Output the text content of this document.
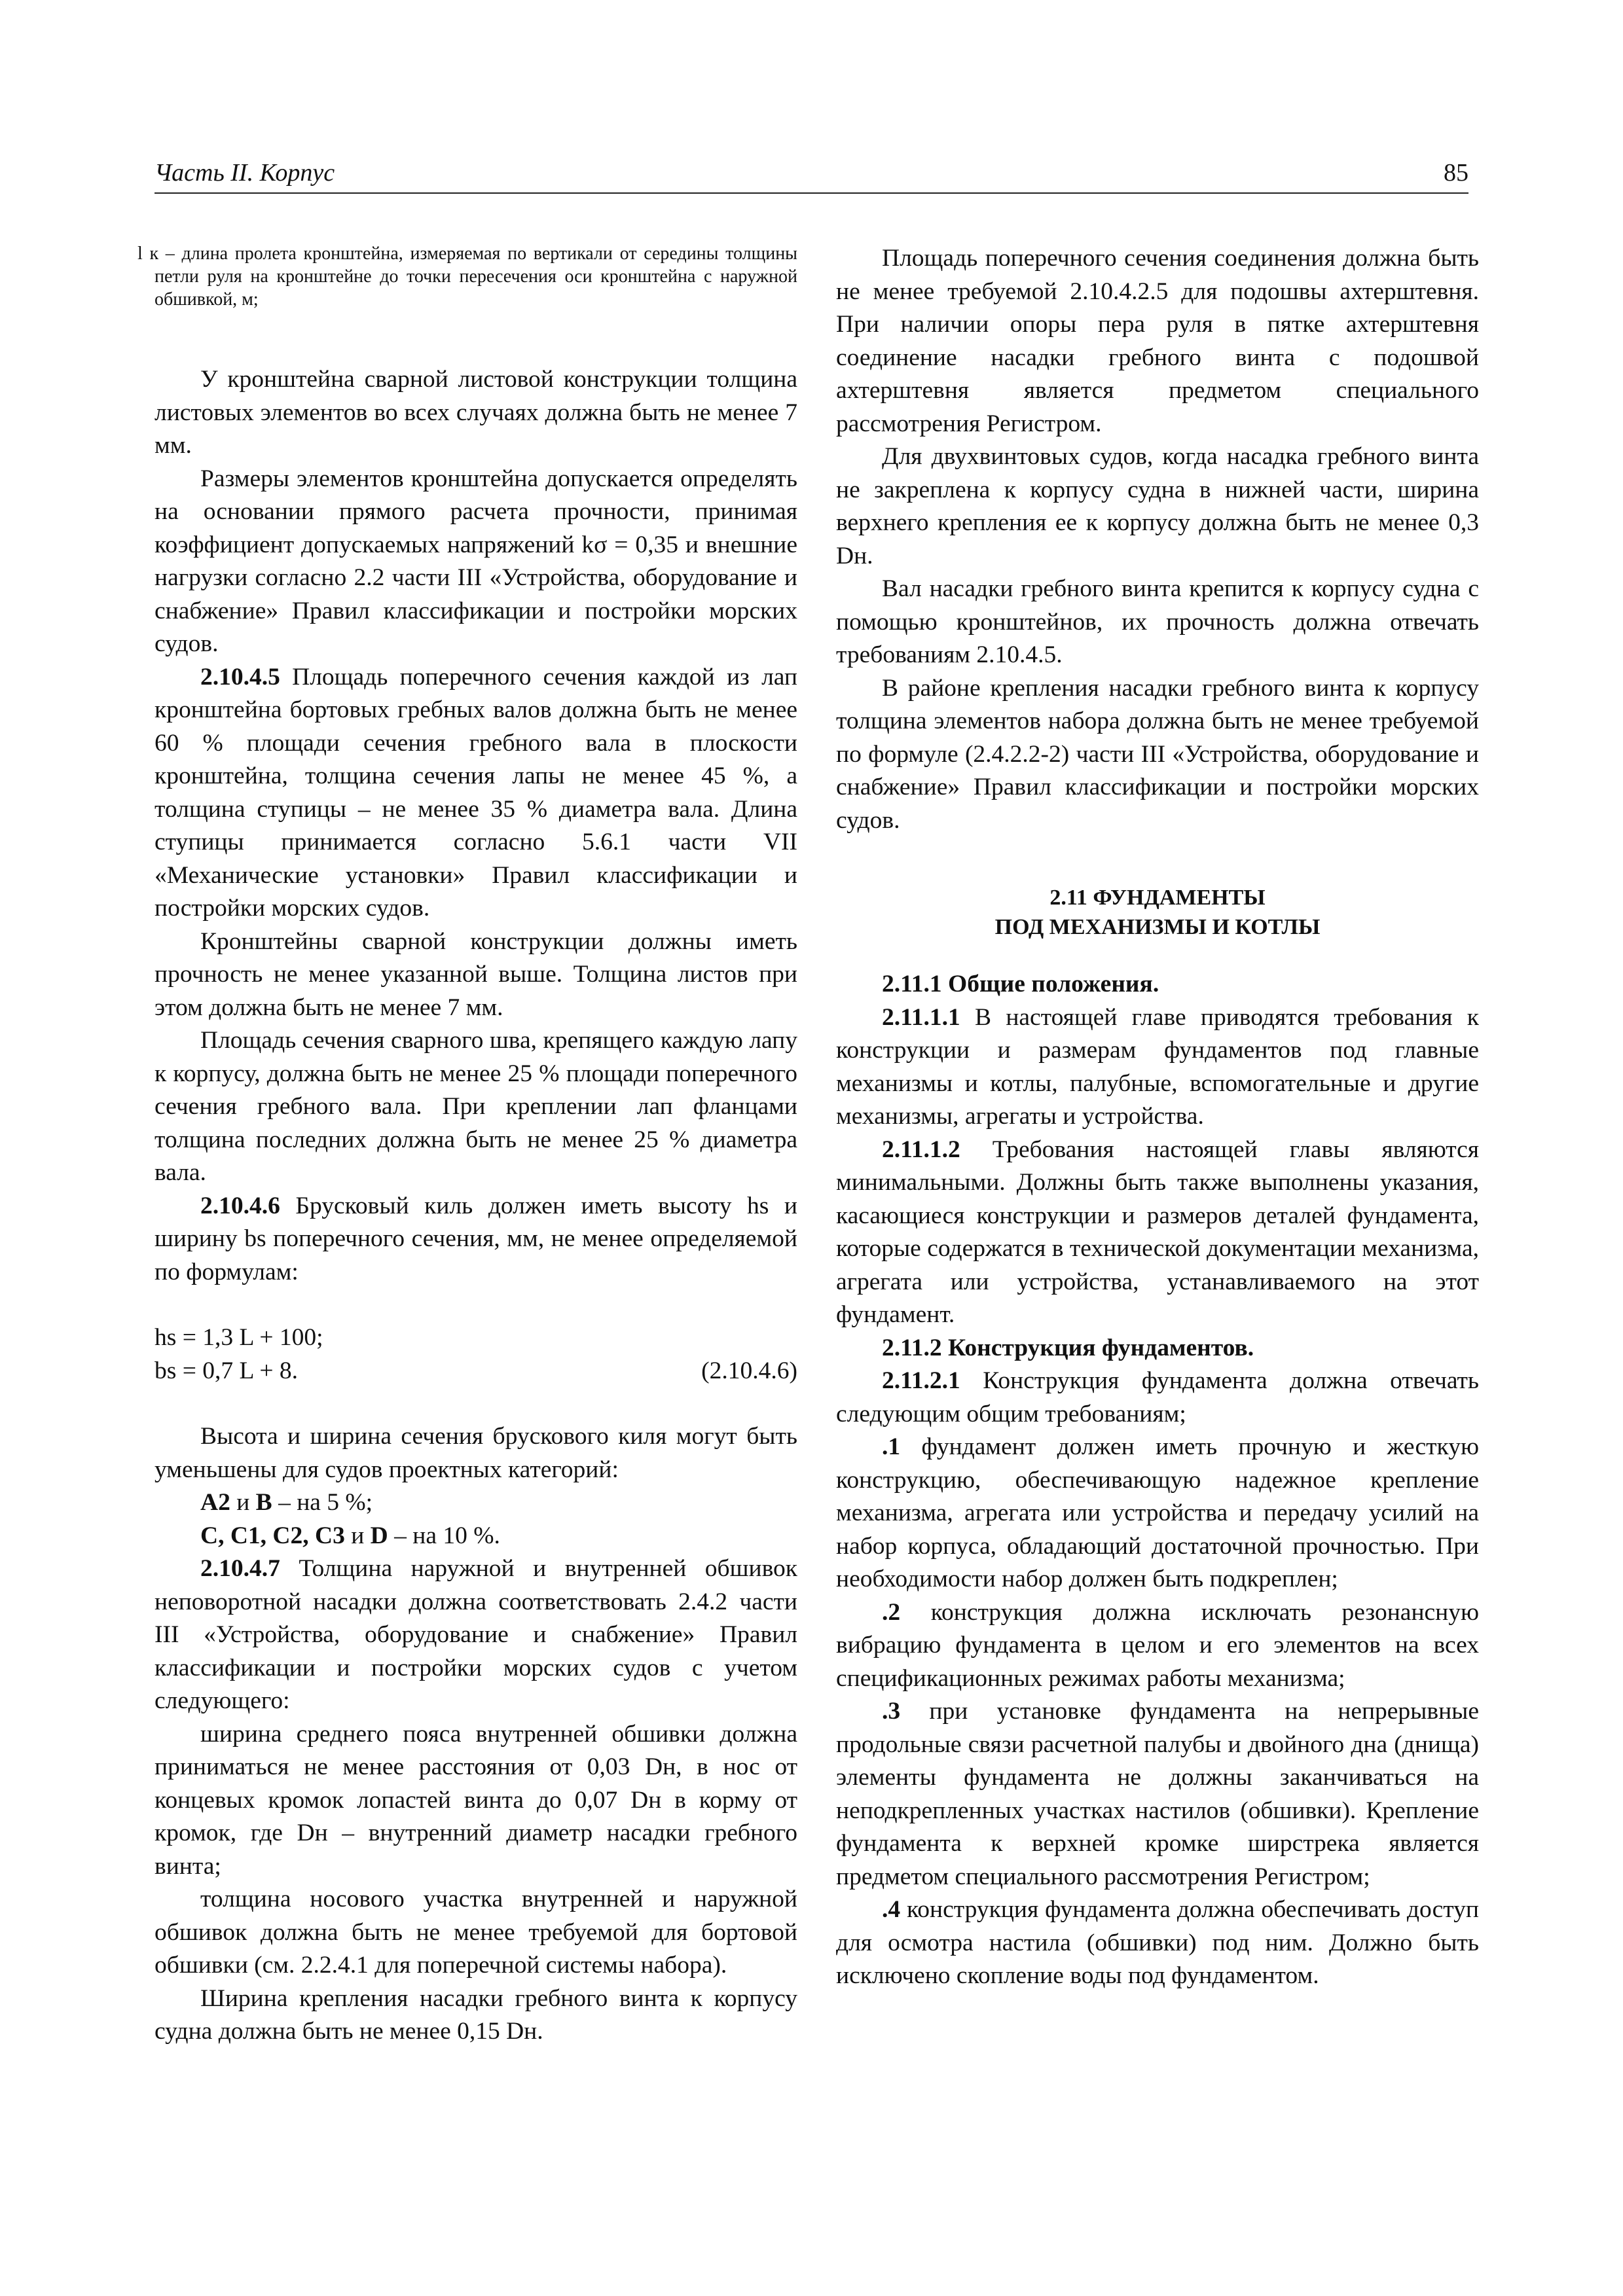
Часть II. Корпус	85

l к – длина пролета кронштейна, измеряемая по вертикали от середины толщины петли руля на кронштейне до точки пересечения оси кронштейна с наружной обшивкой, м;

У кронштейна сварной листовой конструкции толщина листовых элементов во всех случаях должна быть не менее 7 мм.

Размеры элементов кронштейна допускается определять на основании прямого расчета прочности, принимая коэффициент допускаемых напряжений kσ = 0,35 и внешние нагрузки согласно 2.2 части III «Устройства, оборудование и снабжение» Правил классификации и постройки морских судов.

2.10.4.5 Площадь поперечного сечения каждой из лап кронштейна бортовых гребных валов должна быть не менее 60 % площади сечения гребного вала в плоскости кронштейна, толщина сечения лапы не менее 45 %, а толщина ступицы – не менее 35 % диаметра вала. Длина ступицы принимается согласно 5.6.1 части VII «Механические установки» Правил классификации и постройки морских судов.

Кронштейны сварной конструкции должны иметь прочность не менее указанной выше. Толщина листов при этом должна быть не менее 7 мм.

Площадь сечения сварного шва, крепящего каждую лапу к корпусу, должна быть не менее 25 % площади поперечного сечения гребного вала. При креплении лап фланцами толщина последних должна быть не менее 25 % диаметра вала.

2.10.4.6 Брусковый киль должен иметь высоту hs и ширину bs поперечного сечения, мм, не менее определяемой по формулам:

hs = 1,3 L + 100;

bs = 0,7 L + 8.	(2.10.4.6)

Высота и ширина сечения брускового киля могут быть уменьшены для судов проектных категорий:

A2 и B – на 5 %;

C, C1, C2, C3 и D – на 10 %.

2.10.4.7 Толщина наружной и внутренней обшивок неповоротной насадки должна соответствовать 2.4.2 части III «Устройства, оборудование и снабжение» Правил классификации и постройки морских судов с учетом следующего:

ширина среднего пояса внутренней обшивки должна приниматься не менее расстояния от 0,03 Dн, в нос от концевых кромок лопастей винта до 0,07 Dн в корму от кромок, где Dн – внутренний диаметр насадки гребного винта;

толщина носового участка внутренней и наружной обшивок должна быть не менее требуемой для бортовой обшивки (см. 2.2.4.1 для поперечной системы набора).

Ширина крепления насадки гребного винта к корпусу судна должна быть не менее 0,15 Dн.

Площадь поперечного сечения соединения должна быть не менее требуемой 2.10.4.2.5 для подошвы ахтерштевня. При наличии опоры пера руля в пятке ахтерштевня соединение насадки гребного винта с подошвой ахтерштевня является предметом специального рассмотрения Регистром.

Для двухвинтовых судов, когда насадка гребного винта не закреплена к корпусу судна в нижней части, ширина верхнего крепления ее к корпусу должна быть не менее 0,3 Dн.

Вал насадки гребного винта крепится к корпусу судна с помощью кронштейнов, их прочность должна отвечать требованиям 2.10.4.5.

В районе крепления насадки гребного винта к корпусу толщина элементов набора должна быть не менее требуемой по формуле (2.4.2.2-2) части III «Устройства, оборудование и снабжение» Правил классификации и постройки морских судов.

2.11 ФУНДАМЕНТЫ

ПОД МЕХАНИЗМЫ И КОТЛЫ

2.11.1 Общие положения.

2.11.1.1 В настоящей главе приводятся требования к конструкции и размерам фундаментов под главные механизмы и котлы, палубные, вспомогательные и другие механизмы, агрегаты и устройства.

2.11.1.2 Требования настоящей главы являются минимальными. Должны быть также выполнены указания, касающиеся конструкции и размеров деталей фундамента, которые содержатся в технической документации механизма, агрегата или устройства, устанавливаемого на этот фундамент.

2.11.2 Конструкция фундаментов.

2.11.2.1 Конструкция фундамента должна отвечать следующим общим требованиям;

.1 фундамент должен иметь прочную и жесткую конструкцию, обеспечивающую надежное крепление механизма, агрегата или устройства и передачу усилий на набор корпуса, обладающий достаточной прочностью. При необходимости набор должен быть подкреплен;

.2 конструкция должна исключать резонансную вибрацию фундамента в целом и его элементов на всех спецификационных режимах работы механизма;

.3 при установке фундамента на непрерывные продольные связи расчетной палубы и двойного дна (днища) элементы фундамента не должны заканчиваться на неподкрепленных участках настилов (обшивки). Крепление фундамента к верхней кромке ширстрека является предметом специального рассмотрения Регистром;

.4 конструкция фундамента должна обеспечивать доступ для осмотра настила (обшивки) под ним. Должно быть исключено скопление воды под фундаментом.
